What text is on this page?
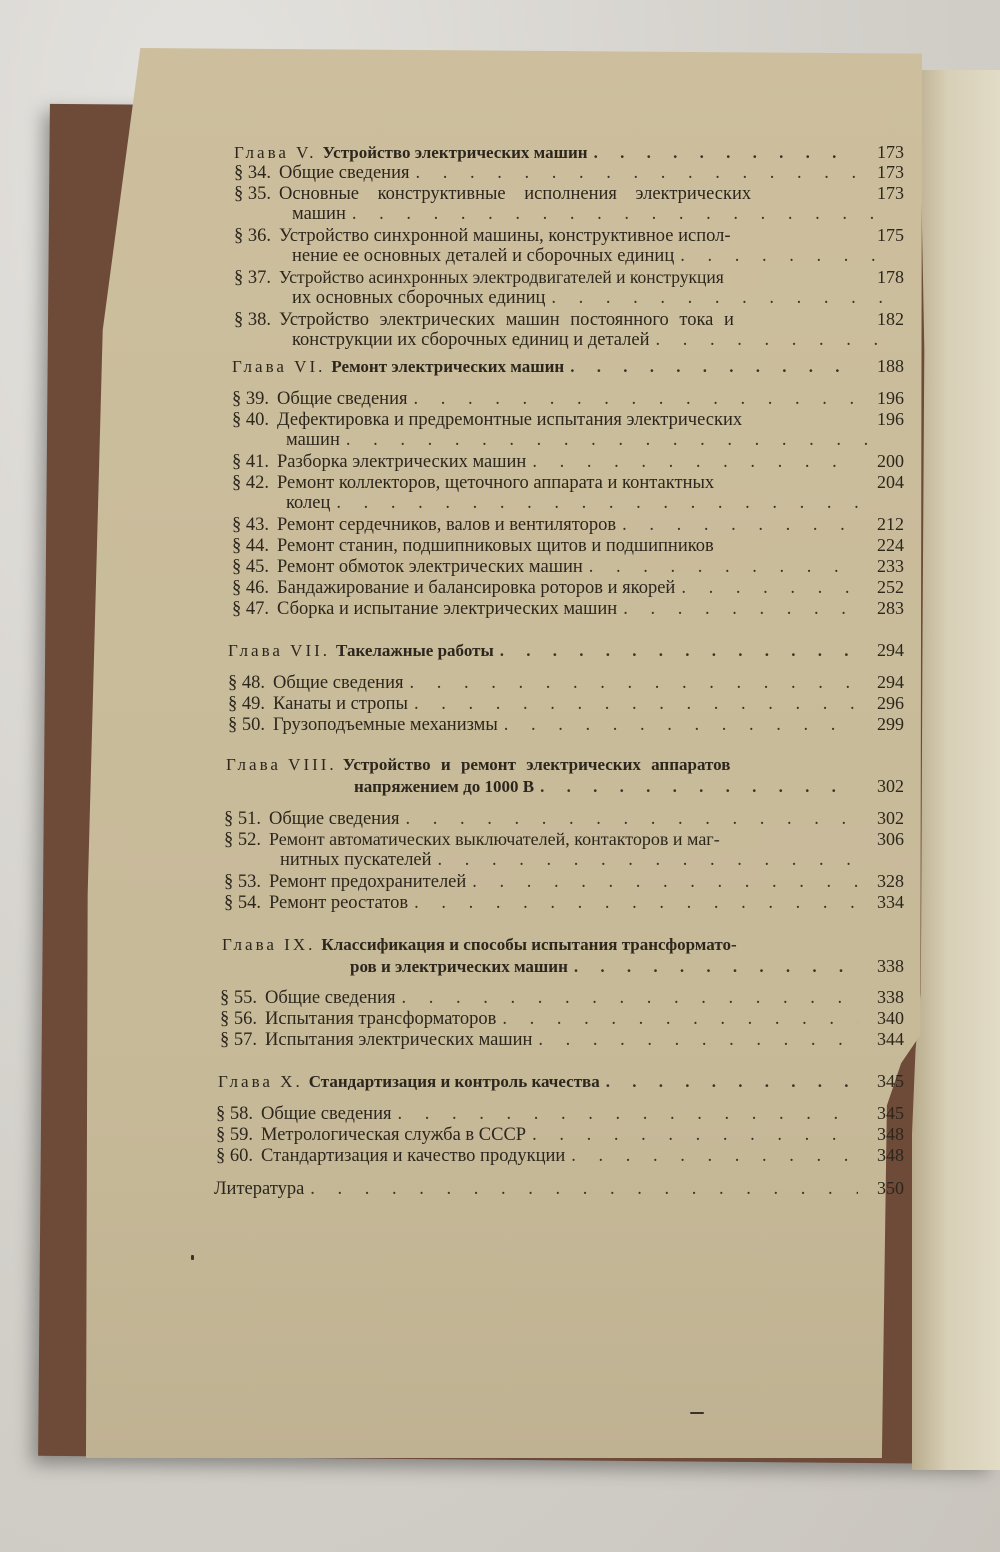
Глава V. Устройство электрических машин . . .	173
§ 34. Общие сведения . . .	173
§ 35. Основные конструктивные исполнения электрических	173
машин
. . .
§ 36. Устройство синхронной машины, конструктивное испол-	175
нение ее основных деталей и сборочных единиц
. . .
§ 37. Устройство асинхронных электродвигателей и конструкция	178
их основных сборочных единиц
. . .
§ 38. Устройство электрических машин постоянного тока и	182
конструкции их сборочных единиц и деталей
. . .
Глава VI. Ремонт электрических машин . . .	188
§ 39. Общие сведения . . .	196
§ 40. Дефектировка и предремонтные испытания электрических	196
машин
. . .
§ 41. Разборка электрических машин . . .	200
§ 42. Ремонт коллекторов, щеточного аппарата и контактных	204
колец
. . .
§ 43. Ремонт сердечников, валов и вентиляторов . . .	212
§ 44. Ремонт станин, подшипниковых щитов и подшипников	224
§ 45. Ремонт обмоток электрических машин . . .	233
§ 46. Бандажирование и балансировка роторов и якорей . . .	252
§ 47. Сборка и испытание электрических машин . . .	283
Глава VII. Такелажные работы . . .	294
§ 48. Общие сведения . . .	294
§ 49. Канаты и стропы . . .	296
§ 50. Грузоподъемные механизмы . . .	299
Глава VIII. Устройство и ремонт электрических аппаратов
напряжением до 1000 В . . .	302
§ 51. Общие сведения . . .	302
§ 52. Ремонт автоматических выключателей, контакторов и маг-	306
нитных пускателей
. . .
§ 53. Ремонт предохранителей . . .	328
§ 54. Ремонт реостатов . . .	334
Глава IX. Классификация и способы испытания трансформато-
ров и электрических машин . . .	338
§ 55. Общие сведения . . .	338
§ 56. Испытания трансформаторов . . .	340
§ 57. Испытания электрических машин . . .	344
Глава X. Стандартизация и контроль качества . . .	345
§ 58. Общие сведения . . .	345
§ 59. Метрологическая служба в СССР . . .	348
§ 60. Стандартизация и качество продукции . . .	348
Литература . . .	350
